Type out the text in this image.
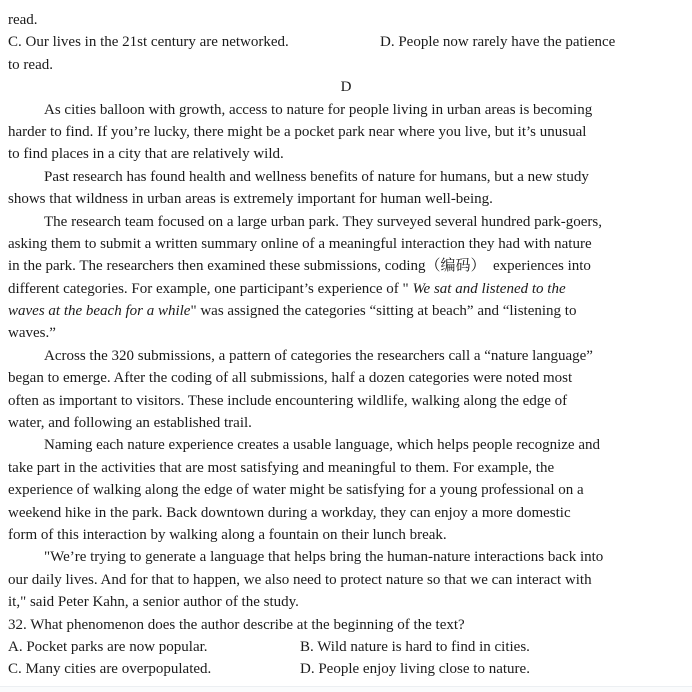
read.
C. Our lives in the 21st century are networked.	D. People now rarely have the patience
to read.
D
As cities balloon with growth, access to nature for people living in urban areas is becoming
harder to find. If you’re lucky, there might be a pocket park near where you live, but it’s unusual
to find places in a city that are relatively wild.
Past research has found health and wellness benefits of nature for humans, but a new study
shows that wildness in urban areas is extremely important for human well-being.
The research team focused on a large urban park. They surveyed several hundred park-goers,
asking them to submit a written summary online of a meaningful interaction they had with nature
in the park. The researchers then examined these submissions, coding（编码）  experiences into
different categories. For example, one participant’s experience of " We sat and listened to the
waves at the beach for a while" was assigned the categories “sitting at beach” and “listening to
waves.”
Across the 320 submissions, a pattern of categories the researchers call a “nature language”
began to emerge. After the coding of all submissions, half a dozen categories were noted most
often as important to visitors. These include encountering wildlife, walking along the edge of
water, and following an established trail.
Naming each nature experience creates a usable language, which helps people recognize and
take part in the activities that are most satisfying and meaningful to them. For example, the
experience of walking along the edge of water might be satisfying for a young professional on a
weekend hike in the park. Back downtown during a workday, they can enjoy a more domestic
form of this interaction by walking along a fountain on their lunch break.
"We’re trying to generate a language that helps bring the human-nature interactions back into
our daily lives. And for that to happen, we also need to protect nature so that we can interact with
it," said Peter Kahn, a senior author of the study.
32. What phenomenon does the author describe at the beginning of the text?
A. Pocket parks are now popular.	B. Wild nature is hard to find in cities.
C. Many cities are overpopulated.	D. People enjoy living close to nature.
